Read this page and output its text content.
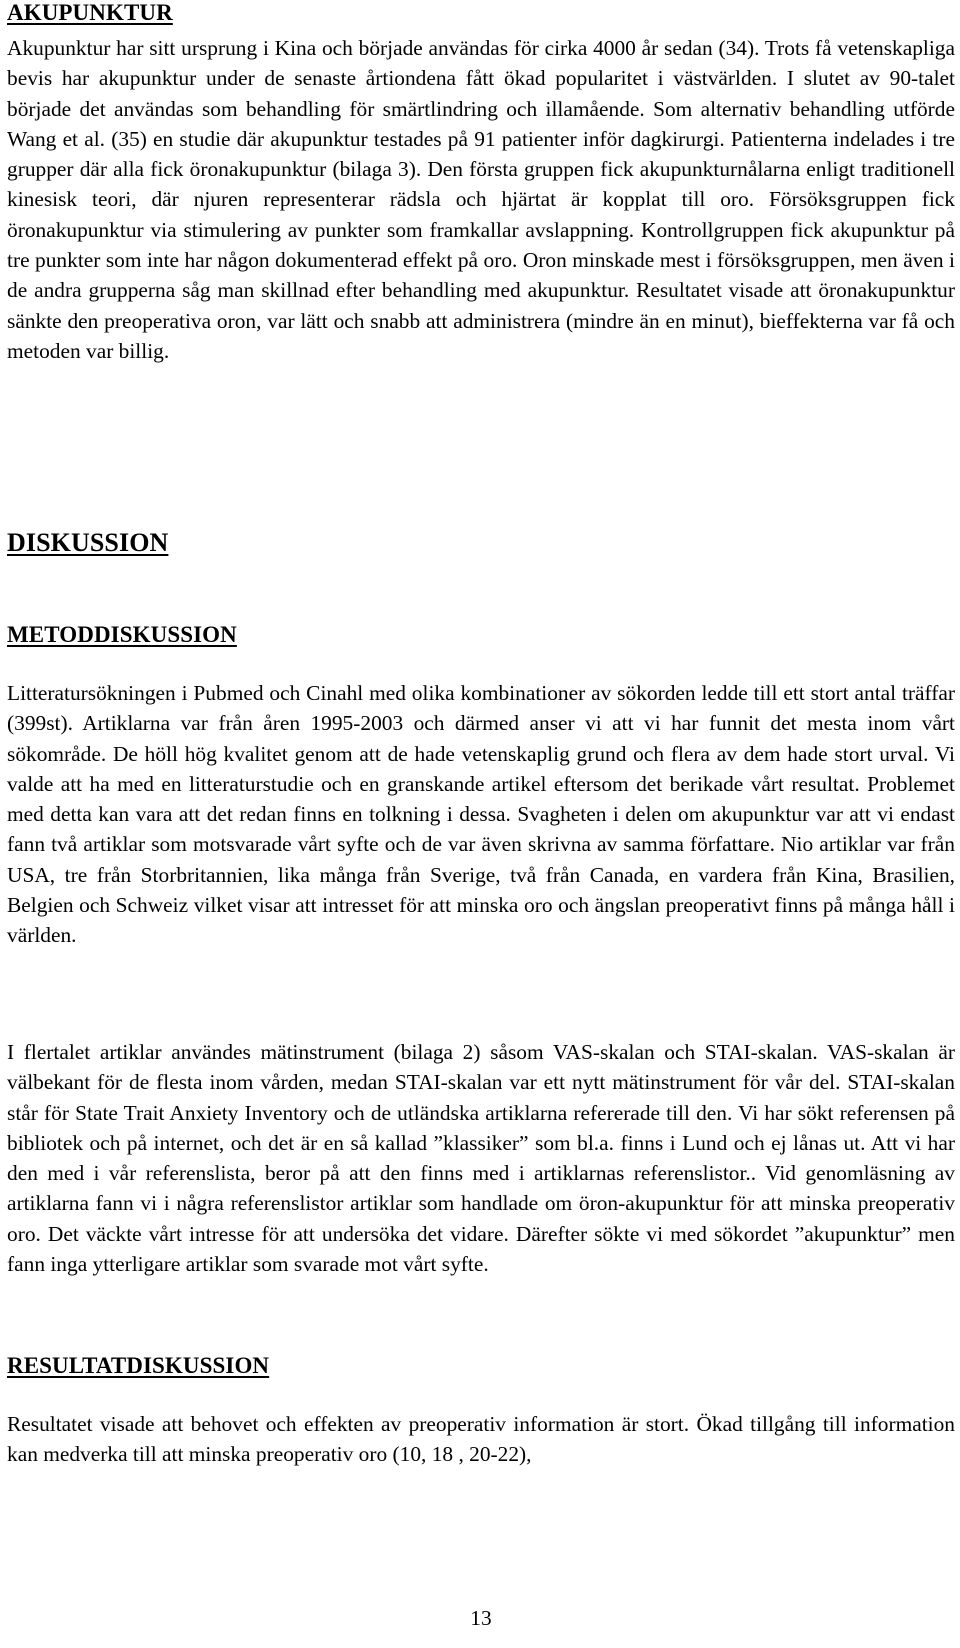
AKUPUNKTUR

Akupunktur har sitt ursprung i Kina och började användas för cirka 4000 år sedan (34). Trots få vetenskapliga bevis har akupunktur under de senaste årtiondena fått ökad popularitet i västvärlden. I slutet av 90-talet började det användas som behandling för smärtlindring och illamående. Som alternativ behandling utförde Wang et al. (35) en studie där akupunktur testades på 91 patienter inför dagkirurgi. Patienterna indelades i tre grupper där alla fick öronakupunktur (bilaga 3). Den första gruppen fick akupunkturnålarna enligt traditionell kinesisk teori, där njuren representerar rädsla och hjärtat är kopplat till oro. Försöksgruppen fick öronakupunktur via stimulering av punkter som framkallar avslappning. Kontrollgruppen fick akupunktur på tre punkter som inte har någon dokumenterad effekt på oro. Oron minskade mest i försöksgruppen, men även i de andra grupperna såg man skillnad efter behandling med akupunktur. Resultatet visade att öronakupunktur sänkte den preoperativa oron, var lätt och snabb att administrera (mindre än en minut), bieffekterna var få och metoden var billig.

DISKUSSION
METODDISKUSSION

Litteratursökningen i Pubmed och Cinahl med olika kombinationer av sökorden ledde till ett stort antal träffar (399st). Artiklarna var från åren 1995-2003 och därmed anser vi att vi har funnit det mesta inom vårt sökområde. De höll hög kvalitet genom att de hade vetenskaplig grund och flera av dem hade stort urval. Vi valde att ha med en litteraturstudie och en granskande artikel eftersom det berikade vårt resultat. Problemet med detta kan vara att det redan finns en tolkning i dessa. Svagheten i delen om akupunktur var att vi endast fann två artiklar som motsvarade vårt syfte och de var även skrivna av samma författare. Nio artiklar var från USA, tre från Storbritannien, lika många från Sverige, två från Canada, en vardera från Kina, Brasilien, Belgien och Schweiz vilket visar att intresset för att minska oro och ängslan preoperativt finns på många håll i världen.

I flertalet artiklar användes mätinstrument (bilaga 2) såsom VAS-skalan och STAI-skalan. VAS-skalan är välbekant för de flesta inom vården, medan STAI-skalan var ett nytt mätinstrument för vår del. STAI-skalan står för State Trait Anxiety Inventory och de utländska artiklarna refererade till den. Vi har sökt referensen på bibliotek och på internet, och det är en så kallad ”klassiker” som bl.a. finns i Lund och ej lånas ut. Att vi har den med i vår referenslista, beror på att den finns med i artiklarnas referenslistor.. Vid genomläsning av artiklarna fann vi i några referenslistor artiklar som handlade om öron-akupunktur för att minska preoperativ oro. Det väckte vårt intresse för att undersöka det vidare. Därefter sökte vi med sökordet ”akupunktur” men fann inga ytterligare artiklar som svarade mot vårt syfte.

RESULTATDISKUSSION

Resultatet visade att behovet och effekten av preoperativ information är stort. Ökad tillgång till information kan medverka till att minska preoperativ oro (10, 18 , 20-22),

13
